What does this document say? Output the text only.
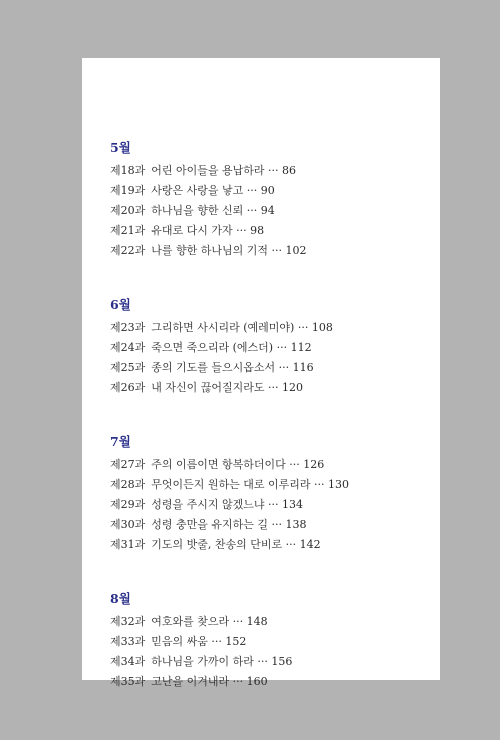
5월
제18과 어린 아이들을 용납하라 ··· 86
제19과 사랑은 사랑을 낳고 ··· 90
제20과 하나님을 향한 신뢰 ··· 94
제21과 유대로 다시 가자 ··· 98
제22과 나를 향한 하나님의 기적 ··· 102
6월
제23과 그리하면 사시리라 (예레미야) ··· 108
제24과 죽으면 죽으리라 (에스더) ··· 112
제25과 종의 기도를 들으시옵소서 ··· 116
제26과 내 자신이 끊어질지라도 ··· 120
7월
제27과 주의 이름이면 항복하더이다 ··· 126
제28과 무엇이든지 원하는 대로 이루리라 ··· 130
제29과 성령을 주시지 않겠느냐 ··· 134
제30과 성령 충만을 유지하는 길 ··· 138
제31과 기도의 밧줄, 찬송의 단비로 ··· 142
8월
제32과 여호와를 찾으라 ··· 148
제33과 믿음의 싸움 ··· 152
제34과 하나님을 가까이 하라 ··· 156
제35과 고난을 이겨내라 ··· 160
